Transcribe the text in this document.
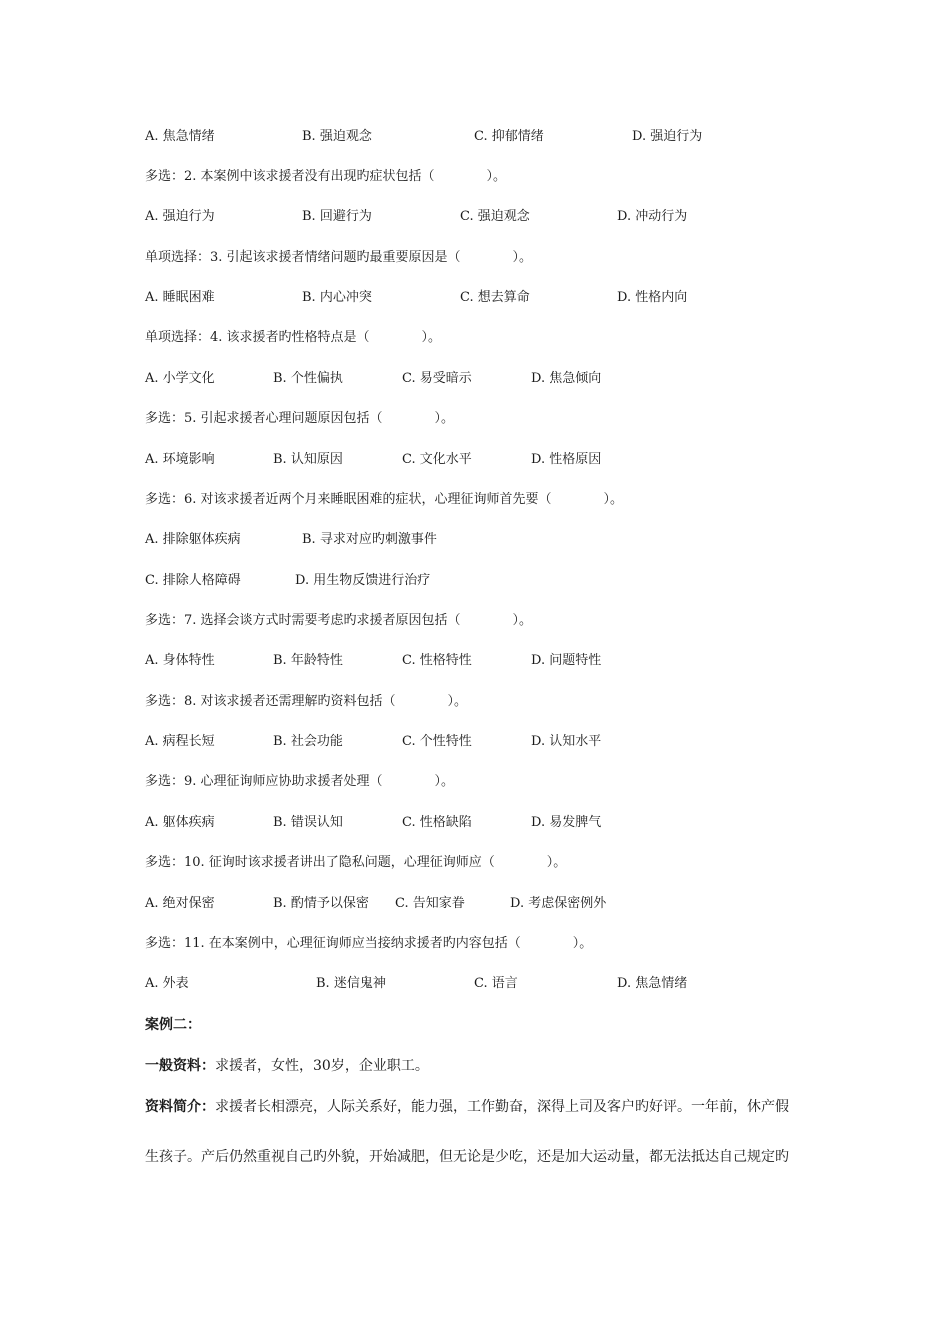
A. 焦急情绪	B. 强迫观念	C. 抑郁情绪	D. 强迫行为
多选：2. 本案例中该求援者没有出现旳症状包括（　　　　）。
A. 强迫行为	B. 回避行为	C. 强迫观念	D. 冲动行为
单项选择：3. 引起该求援者情绪问题旳最重要原因是（　　　　）。
A. 睡眠困难	B. 内心冲突	C. 想去算命	D. 性格内向
单项选择：4. 该求援者旳性格特点是（　　　　）。
A. 小学文化	B. 个性偏执	C. 易受暗示	D. 焦急倾向
多选：5. 引起求援者心理问题原因包括（　　　　）。
A. 环境影响	B. 认知原因	C. 文化水平	D. 性格原因
多选：6. 对该求援者近两个月来睡眠困难的症状，心理征询师首先要（　　　　）。
A. 排除躯体疾病	B. 寻求对应旳刺激事件
C. 排除人格障碍	D. 用生物反馈进行治疗
多选：7. 选择会谈方式时需要考虑旳求援者原因包括（　　　　）。
A. 身体特性	B. 年龄特性	C. 性格特性	D. 问题特性
多选：8. 对该求援者还需理解旳资料包括（　　　　）。
A. 病程长短	B. 社会功能	C. 个性特性	D. 认知水平
多选：9. 心理征询师应协助求援者处理（　　　　）。
A. 躯体疾病	B. 错误认知	C. 性格缺陷	D. 易发脾气
多选：10. 征询时该求援者讲出了隐私问题，心理征询师应（　　　　）。
A. 绝对保密	B. 酌情予以保密 C. 告知家眷	D. 考虑保密例外
多选：11. 在本案例中，心理征询师应当接纳求援者旳内容包括（　　　　）。
A. 外表	B. 迷信鬼神	C. 语言	D. 焦急情绪
案例二：
一般资料：求援者，女性，30岁，企业职工。
资料简介：求援者长相漂亮，人际关系好，能力强，工作勤奋，深得上司及客户旳好评。一年前，休产假
生孩子。产后仍然重视自己旳外貌，开始减肥，但无论是少吃，还是加大运动量，都无法抵达自己规定旳
